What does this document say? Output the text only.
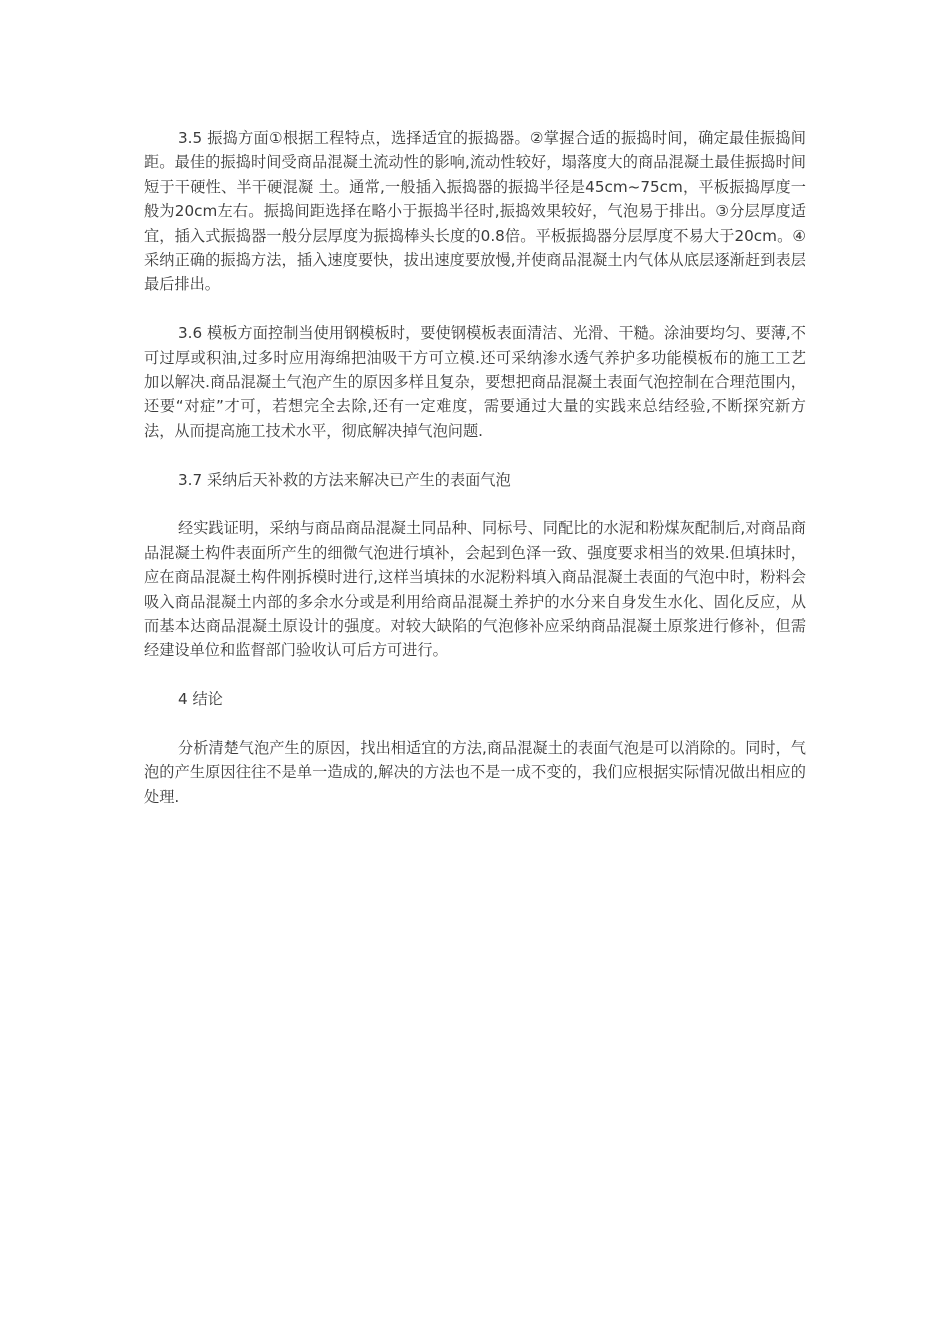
3.5 振捣方面①根据工程特点，选择适宜的振捣器。②掌握合适的振捣时间，确定最佳振捣间距。最佳的振捣时间受商品混凝土流动性的影响,流动性较好，塌落度大的商品混凝土最佳振捣时间短于干硬性、半干硬混凝 土。通常,一般插入振捣器的振捣半径是45cm~75cm，平板振捣厚度一般为20cm左右。振捣间距选择在略小于振捣半径时,振捣效果较好，气泡易于排出。③分层厚度适宜，插入式振捣器一般分层厚度为振捣棒头长度的0.8倍。平板振捣器分层厚度不易大于20cm。④采纳正确的振捣方法，插入速度要快，拔出速度要放慢,并使商品混凝土内气体从底层逐渐赶到表层最后排出。

3.6 模板方面控制当使用钢模板时，要使钢模板表面清洁、光滑、干糙。涂油要均匀、要薄,不可过厚或积油,过多时应用海绵把油吸干方可立模.还可采纳渗水透气养护多功能模板布的施工工艺加以解决.商品混凝土气泡产生的原因多样且复杂，要想把商品混凝土表面气泡控制在合理范围内，还要“对症”才可，若想完全去除,还有一定难度，需要通过大量的实践来总结经验,不断探究新方法，从而提高施工技术水平，彻底解决掉气泡问题.

3.7 采纳后天补救的方法来解决已产生的表面气泡

经实践证明，采纳与商品商品混凝土同品种、同标号、同配比的水泥和粉煤灰配制后,对商品商品混凝土构件表面所产生的细微气泡进行填补，会起到色泽一致、强度要求相当的效果.但填抹时，应在商品混凝土构件刚拆模时进行,这样当填抹的水泥粉料填入商品混凝土表面的气泡中时，粉料会吸入商品混凝土内部的多余水分或是利用给商品混凝土养护的水分来自身发生水化、固化反应，从而基本达商品混凝土原设计的强度。对较大缺陷的气泡修补应采纳商品混凝土原浆进行修补，但需经建设单位和监督部门验收认可后方可进行。

4 结论

分析清楚气泡产生的原因，找出相适宜的方法,商品混凝土的表面气泡是可以消除的。同时，气泡的产生原因往往不是单一造成的,解决的方法也不是一成不变的，我们应根据实际情况做出相应的处理.
